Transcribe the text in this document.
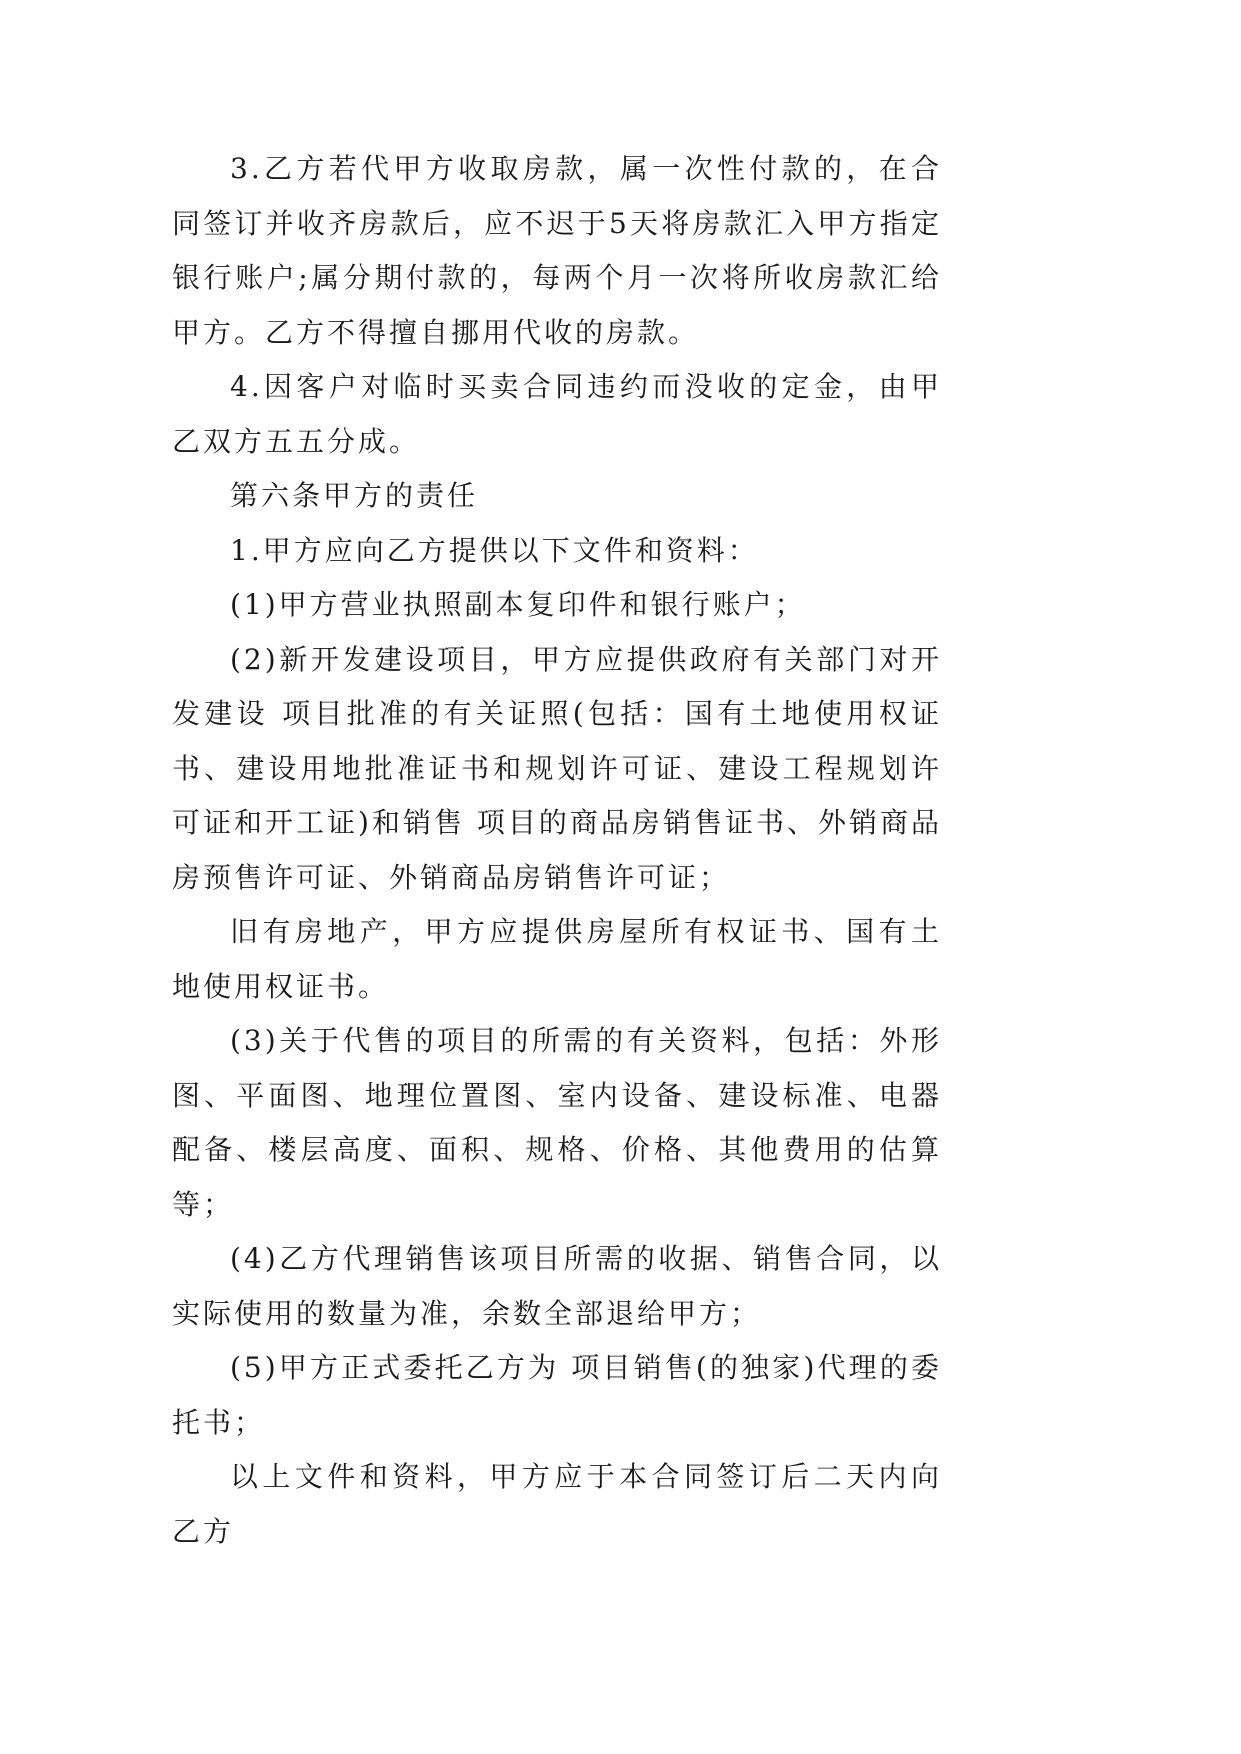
3.乙方若代甲方收取房款，属一次性付款的，在合同签订并收齐房款后，应不迟于5天将房款汇入甲方指定银行账户;属分期付款的，每两个月一次将所收房款汇给甲方。乙方不得擅自挪用代收的房款。

4.因客户对临时买卖合同违约而没收的定金，由甲乙双方五五分成。

第六条甲方的责任

1.甲方应向乙方提供以下文件和资料：

(1)甲方营业执照副本复印件和银行账户；

(2)新开发建设项目，甲方应提供政府有关部门对开发建设 项目批准的有关证照(包括：国有土地使用权证书、建设用地批准证书和规划许可证、建设工程规划许可证和开工证)和销售 项目的商品房销售证书、外销商品房预售许可证、外销商品房销售许可证；

旧有房地产，甲方应提供房屋所有权证书、国有土地使用权证书。

(3)关于代售的项目的所需的有关资料，包括：外形图、平面图、地理位置图、室内设备、建设标准、电器配备、楼层高度、面积、规格、价格、其他费用的估算等；

(4)乙方代理销售该项目所需的收据、销售合同，以实际使用的数量为准，余数全部退给甲方；

(5)甲方正式委托乙方为 项目销售(的独家)代理的委托书；

以上文件和资料，甲方应于本合同签订后二天内向乙方
